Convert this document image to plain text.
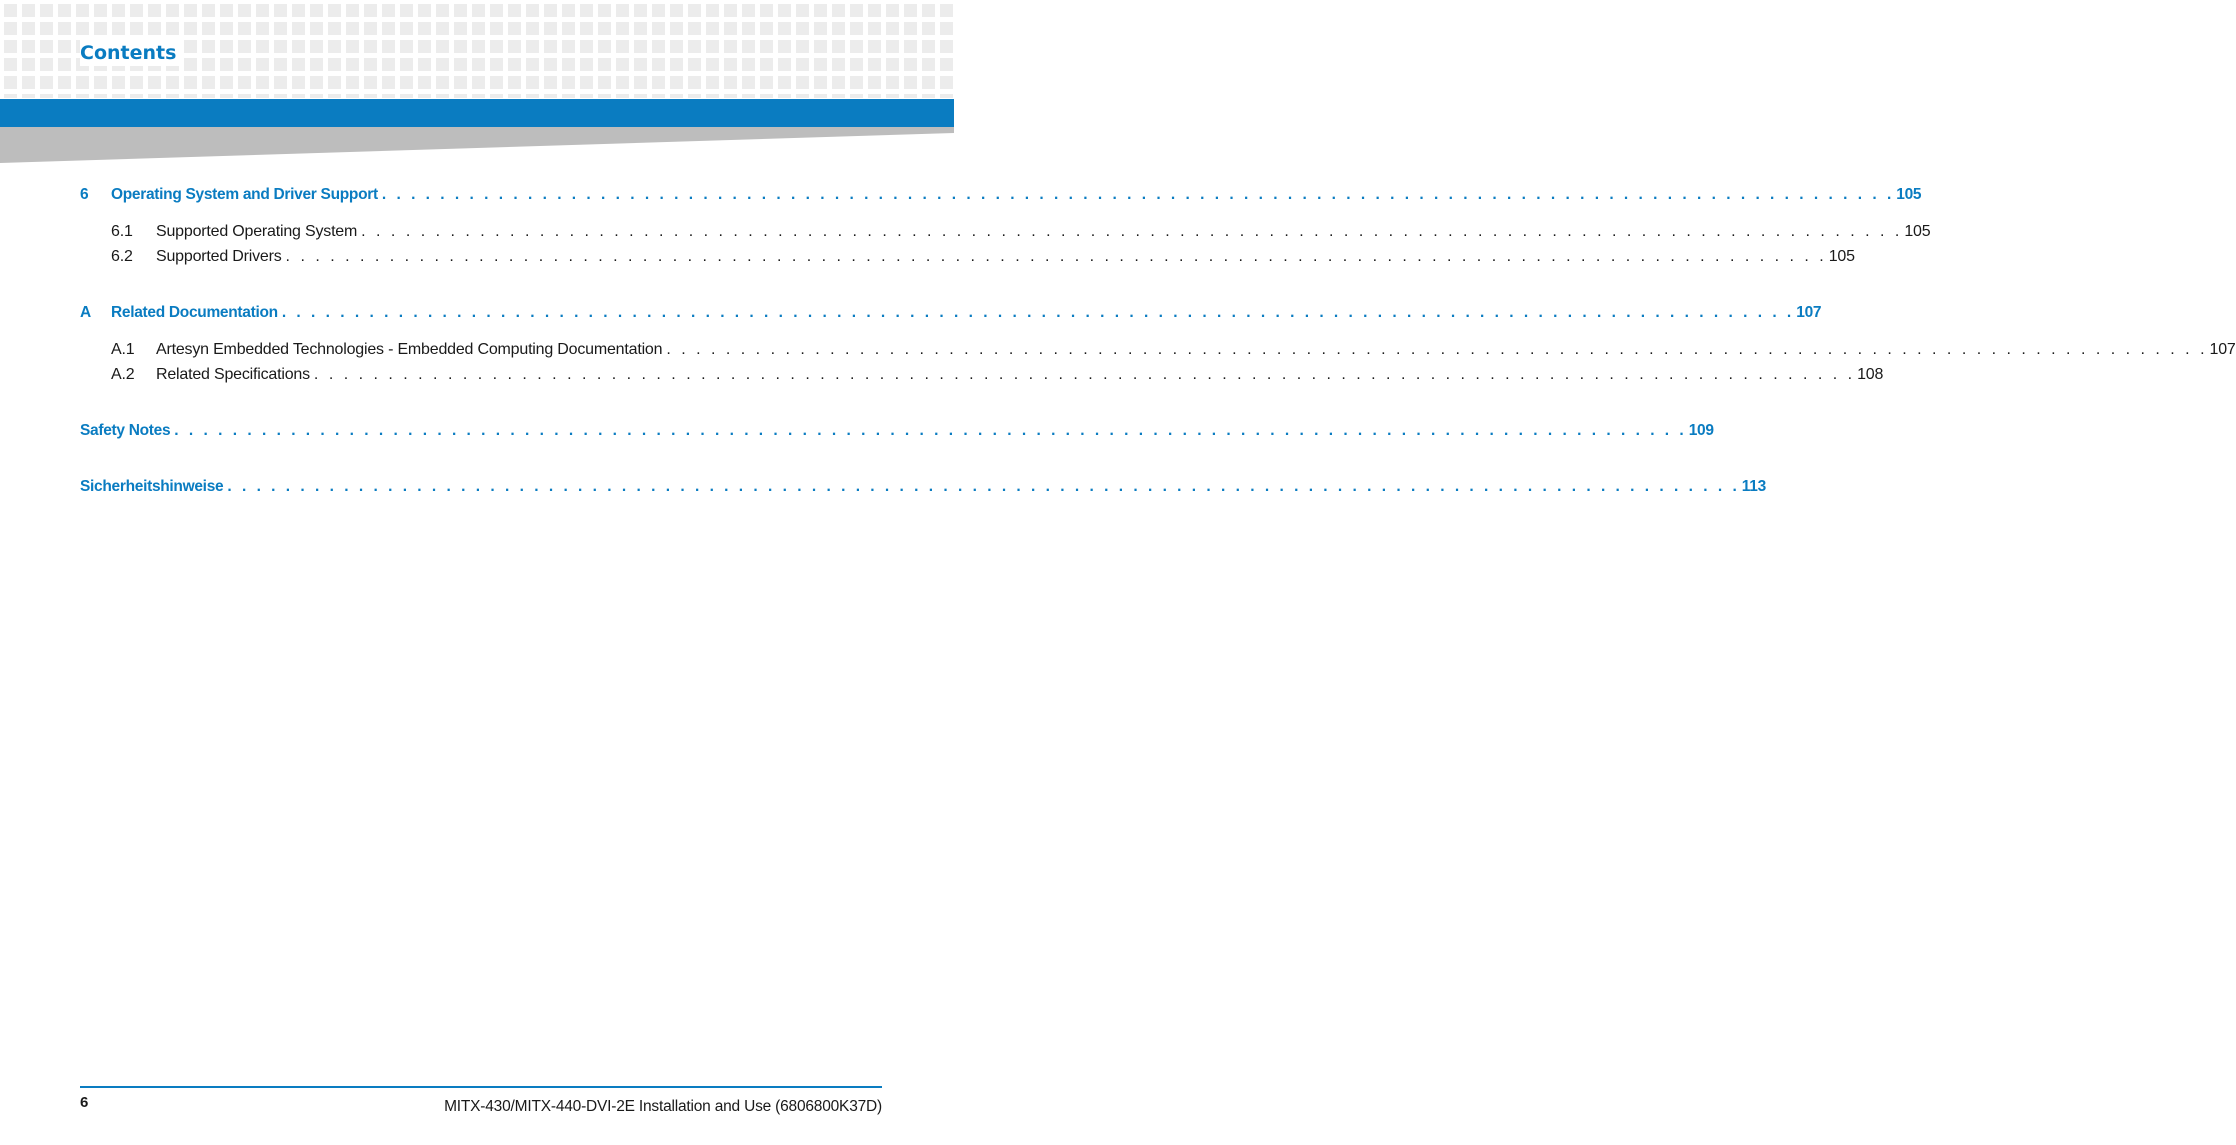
Contents
6	Operating System and Driver Support . . . . . . . . . . . . . . . . . . . . . . . . . . . . . . . . . . . . . . . . . . . . . . . . . . . . . . . . . . . . . . . . . . . . . . . . . . . . . . . . . . . . . . . . . . . . . . . . . . . . . . . . 105
6.1	Supported Operating System . . . . . . . . . . . . . . . . . . . . . . . . . . . . . . . . . . . . . . . . . . . . . . . . . . . . . . . . . . . . . . . . . . . . . . . . . . . . . . . . . . . . . . . . . . . . . . . . . . . . . . . . 105
6.2	Supported Drivers . . . . . . . . . . . . . . . . . . . . . . . . . . . . . . . . . . . . . . . . . . . . . . . . . . . . . . . . . . . . . . . . . . . . . . . . . . . . . . . . . . . . . . . . . . . . . . . . . . . . . . . . 105
A	Related Documentation . . . . . . . . . . . . . . . . . . . . . . . . . . . . . . . . . . . . . . . . . . . . . . . . . . . . . . . . . . . . . . . . . . . . . . . . . . . . . . . . . . . . . . . . . . . . . . . . . . . . . . . . 107
A.1	Artesyn Embedded Technologies - Embedded Computing Documentation . . . . . . . . . . . . . . . . . . . . . . . . . . . . . . . . . . . . . . . . . . . . . . . . . . . . . . . . . . . . . . . . . . . . . . . . . . . . . . . . . . . . . . . . . . . . . . . . . . . . . . . . 107
A.2	Related Specifications . . . . . . . . . . . . . . . . . . . . . . . . . . . . . . . . . . . . . . . . . . . . . . . . . . . . . . . . . . . . . . . . . . . . . . . . . . . . . . . . . . . . . . . . . . . . . . . . . . . . . . . . 108
Safety Notes . . . . . . . . . . . . . . . . . . . . . . . . . . . . . . . . . . . . . . . . . . . . . . . . . . . . . . . . . . . . . . . . . . . . . . . . . . . . . . . . . . . . . . . . . . . . . . . . . . . . . . . . 109
Sicherheitshinweise . . . . . . . . . . . . . . . . . . . . . . . . . . . . . . . . . . . . . . . . . . . . . . . . . . . . . . . . . . . . . . . . . . . . . . . . . . . . . . . . . . . . . . . . . . . . . . . . . . . . . . . . 113
6	MITX-430/MITX-440-DVI-2E Installation and Use (6806800K37D)
